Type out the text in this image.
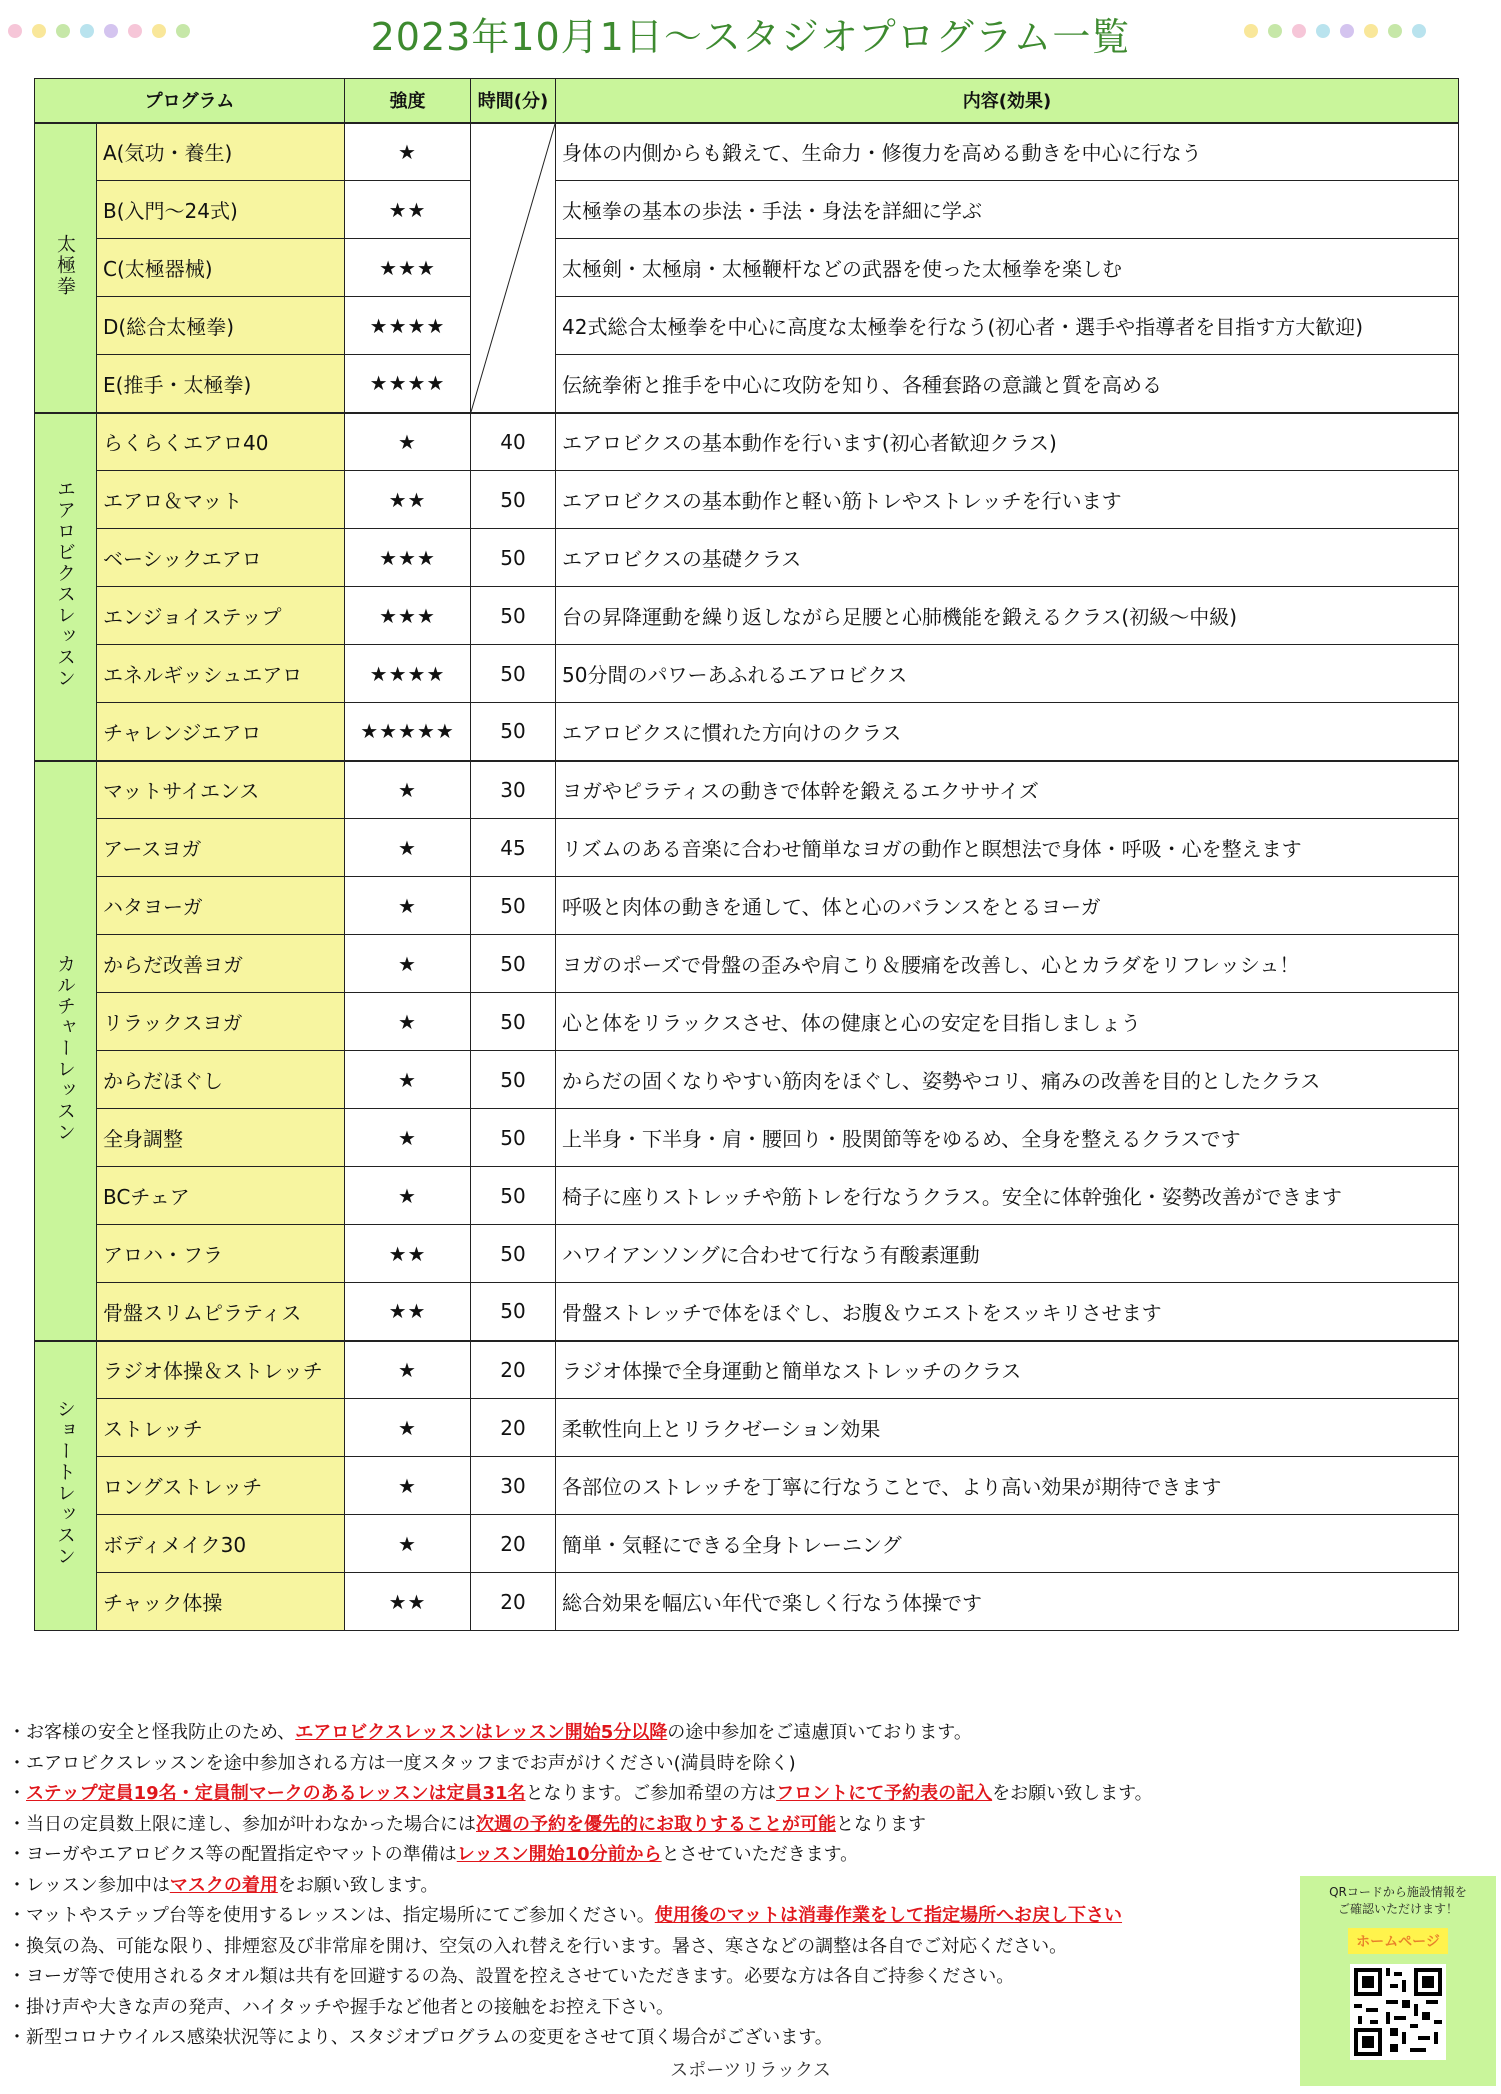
2023年10月1日～スタジオプログラム一覧
プログラム		強度	時間(分)	内容(効果)
太極拳	A(気功・養生)	★		身体の内側からも鍛えて、生命力・修復力を高める動きを中心に行なう
	B(入門～24式)	★★		太極拳の基本の歩法・手法・身法を詳細に学ぶ
	C(太極器械)	★★★		太極剣・太極扇・太極鞭杆などの武器を使った太極拳を楽しむ
	D(総合太極拳)	★★★★		42式総合太極拳を中心に高度な太極拳を行なう(初心者・選手や指導者を目指す方大歓迎)
	E(推手・太極拳)	★★★★		伝統拳術と推手を中心に攻防を知り、各種套路の意識と質を高める
エアロビクスレッスン	らくらくエアロ40	★	40	エアロビクスの基本動作を行います(初心者歓迎クラス)
	エアロ＆マット	★★	50	エアロビクスの基本動作と軽い筋トレやストレッチを行います
	ベーシックエアロ	★★★	50	エアロビクスの基礎クラス
	エンジョイステップ	★★★	50	台の昇降運動を繰り返しながら足腰と心肺機能を鍛えるクラス(初級～中級)
	エネルギッシュエアロ	★★★★	50	50分間のパワーあふれるエアロビクス
	チャレンジエアロ	★★★★★	50	エアロビクスに慣れた方向けのクラス
カルチャーレッスン	マットサイエンス	★	30	ヨガやピラティスの動きで体幹を鍛えるエクササイズ
	アースヨガ	★	45	リズムのある音楽に合わせ簡単なヨガの動作と瞑想法で身体・呼吸・心を整えます
	ハタヨーガ	★	50	呼吸と肉体の動きを通して、体と心のバランスをとるヨーガ
	からだ改善ヨガ	★	50	ヨガのポーズで骨盤の歪みや肩こり＆腰痛を改善し、心とカラダをリフレッシュ！
	リラックスヨガ	★	50	心と体をリラックスさせ、体の健康と心の安定を目指しましょう
	からだほぐし	★	50	からだの固くなりやすい筋肉をほぐし、姿勢やコリ、痛みの改善を目的としたクラス
	全身調整	★	50	上半身・下半身・肩・腰回り・股関節等をゆるめ、全身を整えるクラスです
	BCチェア	★	50	椅子に座りストレッチや筋トレを行なうクラス。安全に体幹強化・姿勢改善ができます
	アロハ・フラ	★★	50	ハワイアンソングに合わせて行なう有酸素運動
	骨盤スリムピラティス	★★	50	骨盤ストレッチで体をほぐし、お腹＆ウエストをスッキリさせます
ショートレッスン	ラジオ体操＆ストレッチ	★	20	ラジオ体操で全身運動と簡単なストレッチのクラス
	ストレッチ	★	20	柔軟性向上とリラクゼーション効果
	ロングストレッチ	★	30	各部位のストレッチを丁寧に行なうことで、より高い効果が期待できます
	ボディメイク30	★	20	簡単・気軽にできる全身トレーニング
	チャック体操	★★	20	総合効果を幅広い年代で楽しく行なう体操です
・お客様の安全と怪我防止のため、エアロビクスレッスンはレッスン開始5分以降の途中参加をご遠慮頂いております。
・エアロビクスレッスンを途中参加される方は一度スタッフまでお声がけください(満員時を除く)
・ステップ定員19名・定員制マークのあるレッスンは定員31名となります。ご参加希望の方はフロントにて予約表の記入をお願い致します。
・当日の定員数上限に達し、参加が叶わなかった場合には次週の予約を優先的にお取りすることが可能となります
・ヨーガやエアロビクス等の配置指定やマットの準備はレッスン開始10分前からとさせていただきます。
・レッスン参加中はマスクの着用をお願い致します。
・マットやステップ台等を使用するレッスンは、指定場所にてご参加ください。使用後のマットは消毒作業をして指定場所へお戻し下さい
・換気の為、可能な限り、排煙窓及び非常扉を開け、空気の入れ替えを行います。暑さ、寒さなどの調整は各自でご対応ください。
・ヨーガ等で使用されるタオル類は共有を回避するの為、設置を控えさせていただきます。必要な方は各自ご持参ください。
・掛け声や大きな声の発声、ハイタッチや握手など他者との接触をお控え下さい。
・新型コロナウイルス感染状況等により、スタジオプログラムの変更をさせて頂く場合がございます。
QRコードから施設情報を
ご確認いただけます！
ホームページ
スポーツリラックス
